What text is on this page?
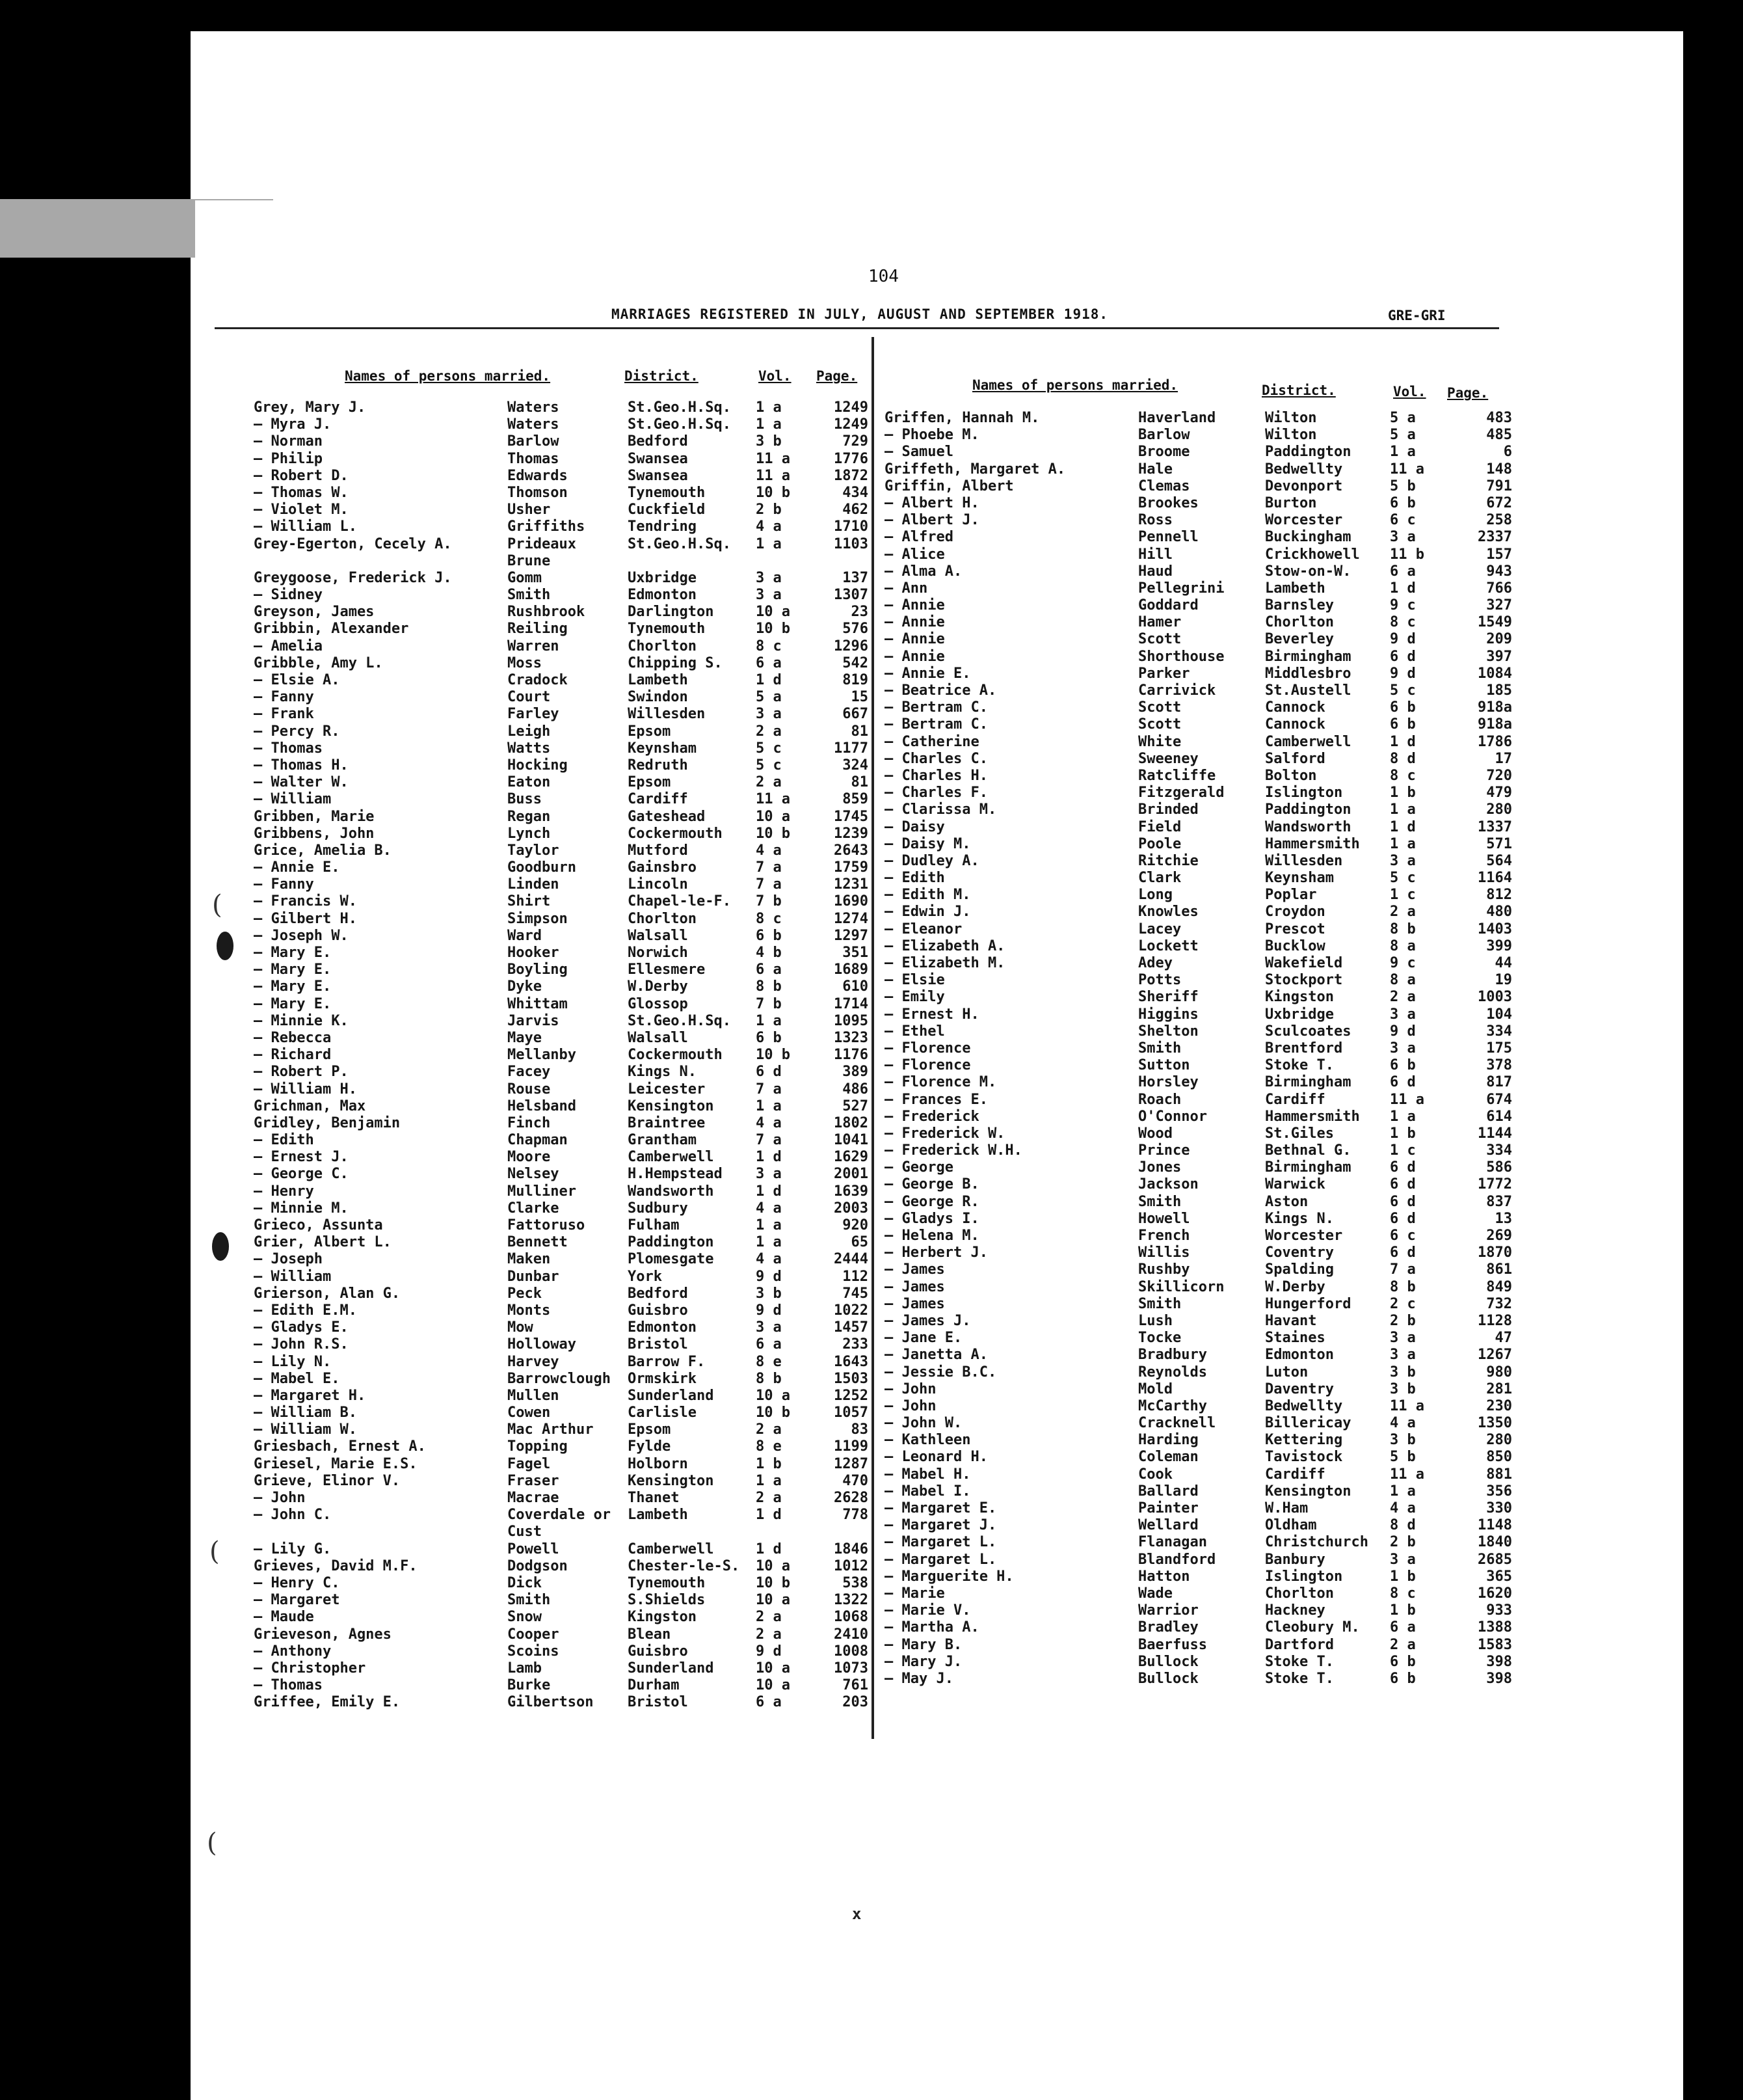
104
MARRIAGES REGISTERED IN JULY, AUGUST AND SEPTEMBER 1918.	GRE-GRI
Names of persons married.	District.	Vol. Page.
Names of persons married.	District.	Vol. Page.
Grey, Mary J.	Waters	St.Geo.H.Sq. 1 a	1249
— Myra J.	Waters	St.Geo.H.Sq. 1 a	1249
— Norman	Barlow	Bedford	3 b	729
— Philip	Thomas	Swansea	11 a	1776
— Robert D.	Edwards	Swansea	11 a	1872
— Thomas W.	Thomson	Tynemouth	10 b	434
— Violet M.	Usher	Cuckfield	2 b	462
— William L.	Griffiths	Tendring	4 a	1710
Grey-Egerton, Cecely A.	Prideaux	St.Geo.H.Sq. 1 a	1103
Brune
Greygoose, Frederick J.	Gomm	Uxbridge	3 a	137
— Sidney	Smith	Edmonton	3 a	1307
Greyson, James	Rushbrook	Darlington	10 a	23
Gribbin, Alexander	Reiling	Tynemouth	10 b	576
— Amelia	Warren	Chorlton	8 c	1296
Gribble, Amy L.	Moss	Chipping S. 6 a	542
— Elsie A.	Cradock	Lambeth	1 d	819
— Fanny	Court	Swindon	5 a	15
— Frank	Farley	Willesden	3 a	667
— Percy R.	Leigh	Epsom	2 a	81
— Thomas	Watts	Keynsham	5 c	1177
— Thomas H.	Hocking	Redruth	5 c	324
— Walter W.	Eaton	Epsom	2 a	81
— William	Buss	Cardiff	11 a	859
Gribben, Marie	Regan	Gateshead	10 a	1745
Gribbens, John	Lynch	Cockermouth 10 b	1239
Grice, Amelia B.	Taylor	Mutford	4 a	2643
— Annie E.	Goodburn	Gainsbro	7 a	1759
— Fanny	Linden	Lincoln	7 a	1231
— Francis W.	Shirt	Chapel-le-F. 7 b	1690
— Gilbert H.	Simpson	Chorlton	8 c	1274
— Joseph W.	Ward	Walsall	6 b	1297
— Mary E.	Hooker	Norwich	4 b	351
— Mary E.	Boyling	Ellesmere	6 a	1689
— Mary E.	Dyke	W.Derby	8 b	610
— Mary E.	Whittam	Glossop	7 b	1714
— Minnie K.	Jarvis	St.Geo.H.Sq. 1 a	1095
— Rebecca	Maye	Walsall	6 b	1323
— Richard	Mellanby	Cockermouth 10 b	1176
— Robert P.	Facey	Kings N.	6 d	389
— William H.	Rouse	Leicester	7 a	486
Grichman, Max	Helsband	Kensington	1 a	527
Gridley, Benjamin	Finch	Braintree	4 a	1802
— Edith	Chapman	Grantham	7 a	1041
— Ernest J.	Moore	Camberwell	1 d	1629
— George C.	Nelsey	H.Hempstead 3 a	2001
— Henry	Mulliner	Wandsworth	1 d	1639
— Minnie M.	Clarke	Sudbury	4 a	2003
Grieco, Assunta	Fattoruso	Fulham	1 a	920
Grier, Albert L.	Bennett	Paddington	1 a	65
— Joseph	Maken	Plomesgate	4 a	2444
— William	Dunbar	York	9 d	112
Grierson, Alan G.	Peck	Bedford	3 b	745
— Edith E.M.	Monts	Guisbro	9 d	1022
— Gladys E.	Mow	Edmonton	3 a	1457
— John R.S.	Holloway	Bristol	6 a	233
— Lily N.	Harvey	Barrow F.	8 e	1643
— Mabel E.	Barrowclough Ormskirk	8 b	1503
— Margaret H.	Mullen	Sunderland	10 a	1252
— William B.	Cowen	Carlisle	10 b	1057
— William W.	Mac Arthur Epsom	2 a	83
Griesbach, Ernest A.	Topping	Fylde	8 e	1199
Griesel, Marie E.S.	Fagel	Holborn	1 b	1287
Grieve, Elinor V.	Fraser	Kensington	1 a	470
— John	Macrae	Thanet	2 a	2628
— John C.	Coverdale or Lambeth	1 d	778
Cust
— Lily G.	Powell	Camberwell	1 d	1846
Grieves, David M.F.	Dodgson	Chester-le-S. 10 a	1012
— Henry C.	Dick	Tynemouth	10 b	538
— Margaret	Smith	S.Shields	10 a	1322
— Maude	Snow	Kingston	2 a	1068
Grieveson, Agnes	Cooper	Blean	2 a	2410
— Anthony	Scoins	Guisbro	9 d	1008
— Christopher	Lamb	Sunderland	10 a	1073
— Thomas	Burke	Durham	10 a	761
Griffee, Emily E.	Gilbertson Bristol	6 a	203
Griffen, Hannah M.	Haverland	Wilton	5 a	483
— Phoebe M.	Barlow	Wilton	5 a	485
— Samuel	Broome	Paddington	1 a	6
Griffeth, Margaret A.	Hale	Bedwellty	11 a	148
Griffin, Albert	Clemas	Devonport	5 b	791
— Albert H.	Brookes	Burton	6 b	672
— Albert J.	Ross	Worcester	6 c	258
— Alfred	Pennell	Buckingham	3 a	2337
— Alice	Hill	Crickhowell 11 b	157
— Alma A.	Haud	Stow-on-W.	6 a	943
— Ann	Pellegrini	Lambeth	1 d	766
— Annie	Goddard	Barnsley	9 c	327
— Annie	Hamer	Chorlton	8 c	1549
— Annie	Scott	Beverley	9 d	209
— Annie	Shorthouse	Birmingham	6 d	397
— Annie E.	Parker	Middlesbro	9 d	1084
— Beatrice A.	Carrivick	St.Austell	5 c	185
— Bertram C.	Scott	Cannock	6 b	918a
— Bertram C.	Scott	Cannock	6 b	918a
— Catherine	White	Camberwell	1 d	1786
— Charles C.	Sweeney	Salford	8 d	17
— Charles H.	Ratcliffe	Bolton	8 c	720
— Charles F.	Fitzgerald	Islington	1 b	479
— Clarissa M.	Brinded	Paddington	1 a	280
— Daisy	Field	Wandsworth	1 d	1337
— Daisy M.	Poole	Hammersmith 1 a	571
— Dudley A.	Ritchie	Willesden	3 a	564
— Edith	Clark	Keynsham	5 c	1164
— Edith M.	Long	Poplar	1 c	812
— Edwin J.	Knowles	Croydon	2 a	480
— Eleanor	Lacey	Prescot	8 b	1403
— Elizabeth A.	Lockett	Bucklow	8 a	399
— Elizabeth M.	Adey	Wakefield	9 c	44
— Elsie	Potts	Stockport	8 a	19
— Emily	Sheriff	Kingston	2 a	1003
— Ernest H.	Higgins	Uxbridge	3 a	104
— Ethel	Shelton	Sculcoates	9 d	334
— Florence	Smith	Brentford	3 a	175
— Florence	Sutton	Stoke T.	6 b	378
— Florence M.	Horsley	Birmingham	6 d	817
— Frances E.	Roach	Cardiff	11 a	674
— Frederick	O'Connor	Hammersmith 1 a	614
— Frederick W.	Wood	St.Giles	1 b	1144
— Frederick W.H.	Prince	Bethnal G.	1 c	334
— George	Jones	Birmingham	6 d	586
— George B.	Jackson	Warwick	6 d	1772
— George R.	Smith	Aston	6 d	837
— Gladys I.	Howell	Kings N.	6 d	13
— Helena M.	French	Worcester	6 c	269
— Herbert J.	Willis	Coventry	6 d	1870
— James	Rushby	Spalding	7 a	861
— James	Skillicorn	W.Derby	8 b	849
— James	Smith	Hungerford	2 c	732
— James J.	Lush	Havant	2 b	1128
— Jane E.	Tocke	Staines	3 a	47
— Janetta A.	Bradbury	Edmonton	3 a	1267
— Jessie B.C.	Reynolds	Luton	3 b	980
— John	Mold	Daventry	3 b	281
— John	McCarthy	Bedwellty	11 a	230
— John W.	Cracknell	Billericay	4 a	1350
— Kathleen	Harding	Kettering	3 b	280
— Leonard H.	Coleman	Tavistock	5 b	850
— Mabel H.	Cook	Cardiff	11 a	881
— Mabel I.	Ballard	Kensington	1 a	356
— Margaret E.	Painter	W.Ham	4 a	330
— Margaret J.	Wellard	Oldham	8 d	1148
— Margaret L.	Flanagan	Christchurch 2 b	1840
— Margaret L.	Blandford	Banbury	3 a	2685
— Marguerite H.	Hatton	Islington	1 b	365
— Marie	Wade	Chorlton	8 c	1620
— Marie V.	Warrior	Hackney	1 b	933
— Martha A.	Bradley	Cleobury M. 6 a	1388
— Mary B.	Baerfuss	Dartford	2 a	1583
— Mary J.	Bullock	Stoke T.	6 b	398
— May J.	Bullock	Stoke T.	6 b	398
x
(
(
(
